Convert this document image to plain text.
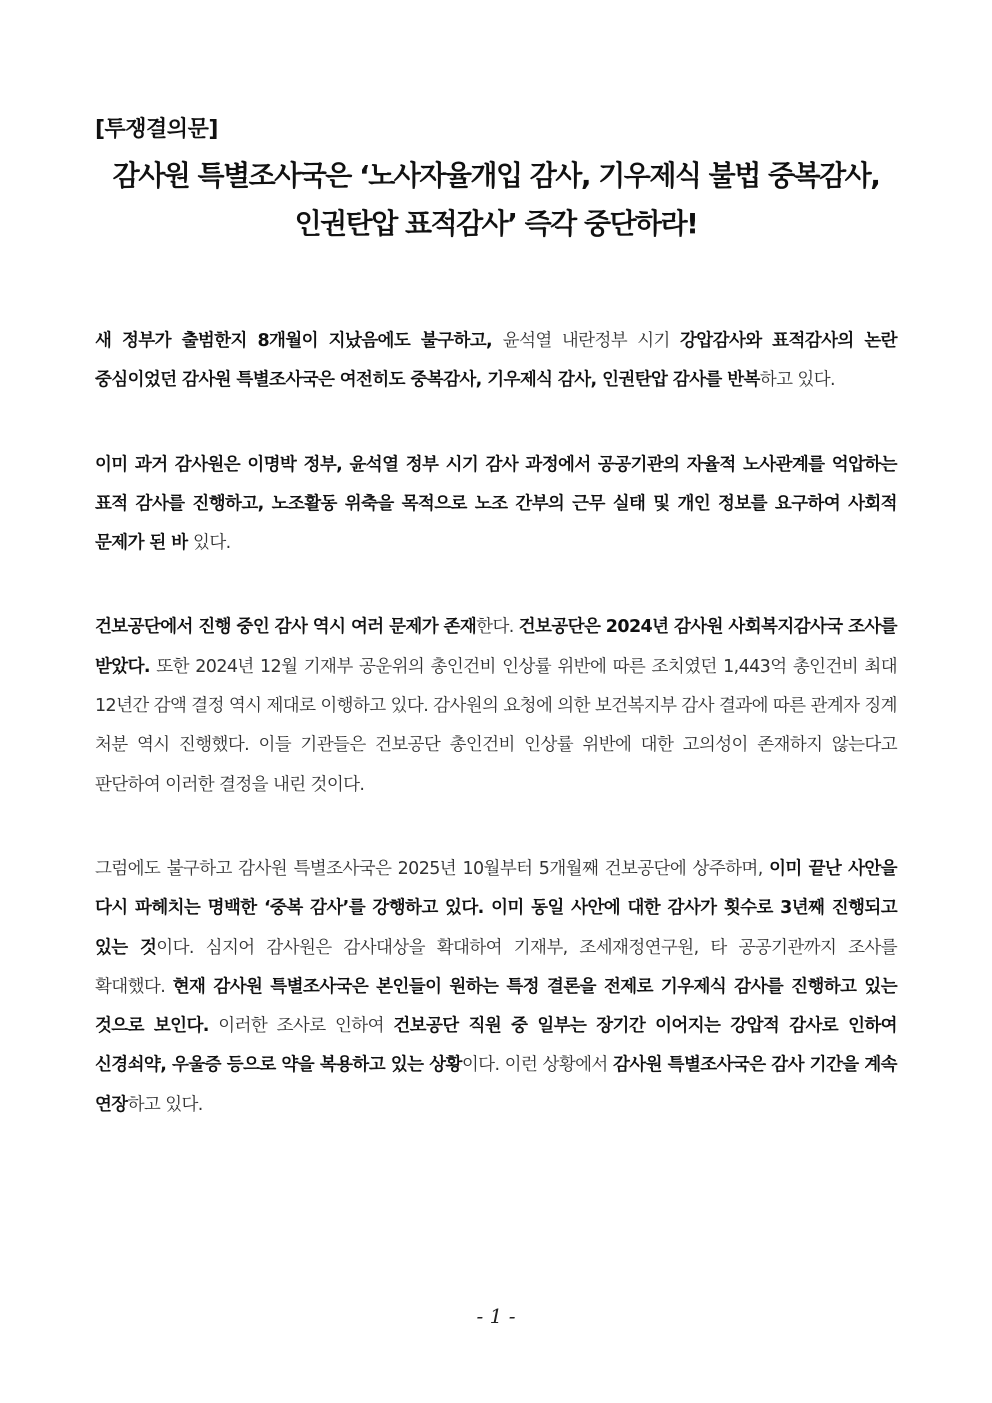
[투쟁결의문]

감사원 특별조사국은 ‘노사자율개입 감사, 기우제식 불법 중복감사,
인권탄압 표적감사’ 즉각 중단하라!

새 정부가 출범한지 8개월이 지났음에도 불구하고, 윤석열 내란정부 시기 강압감사와 표적감사의 논란 중심이었던 감사원 특별조사국은 여전히도 중복감사, 기우제식 감사, 인권탄압 감사를 반복하고 있다.

이미 과거 감사원은 이명박 정부, 윤석열 정부 시기 감사 과정에서 공공기관의 자율적 노사관계를 억압하는 표적 감사를 진행하고, 노조활동 위축을 목적으로 노조 간부의 근무 실태 및 개인 정보를 요구하여 사회적 문제가 된 바 있다.

건보공단에서 진행 중인 감사 역시 여러 문제가 존재한다. 건보공단은 2024년 감사원 사회복지감사국 조사를 받았다. 또한 2024년 12월 기재부 공운위의 총인건비 인상률 위반에 따른 조치였던 1,443억 총인건비 최대 12년간 감액 결정 역시 제대로 이행하고 있다. 감사원의 요청에 의한 보건복지부 감사 결과에 따른 관계자 징계 처분 역시 진행했다. 이들 기관들은 건보공단 총인건비 인상률 위반에 대한 고의성이 존재하지 않는다고 판단하여 이러한 결정을 내린 것이다.

그럼에도 불구하고 감사원 특별조사국은 2025년 10월부터 5개월째 건보공단에 상주하며, 이미 끝난 사안을 다시 파헤치는 명백한 ‘중복 감사’를 강행하고 있다. 이미 동일 사안에 대한 감사가 횟수로 3년째 진행되고 있는 것이다. 심지어 감사원은 감사대상을 확대하여 기재부, 조세재정연구원, 타 공공기관까지 조사를 확대했다. 현재 감사원 특별조사국은 본인들이 원하는 특정 결론을 전제로 기우제식 감사를 진행하고 있는 것으로 보인다. 이러한 조사로 인하여 건보공단 직원 중 일부는 장기간 이어지는 강압적 감사로 인하여 신경쇠약, 우울증 등으로 약을 복용하고 있는 상황이다. 이런 상황에서 감사원 특별조사국은 감사 기간을 계속 연장하고 있다.

- 1 -
